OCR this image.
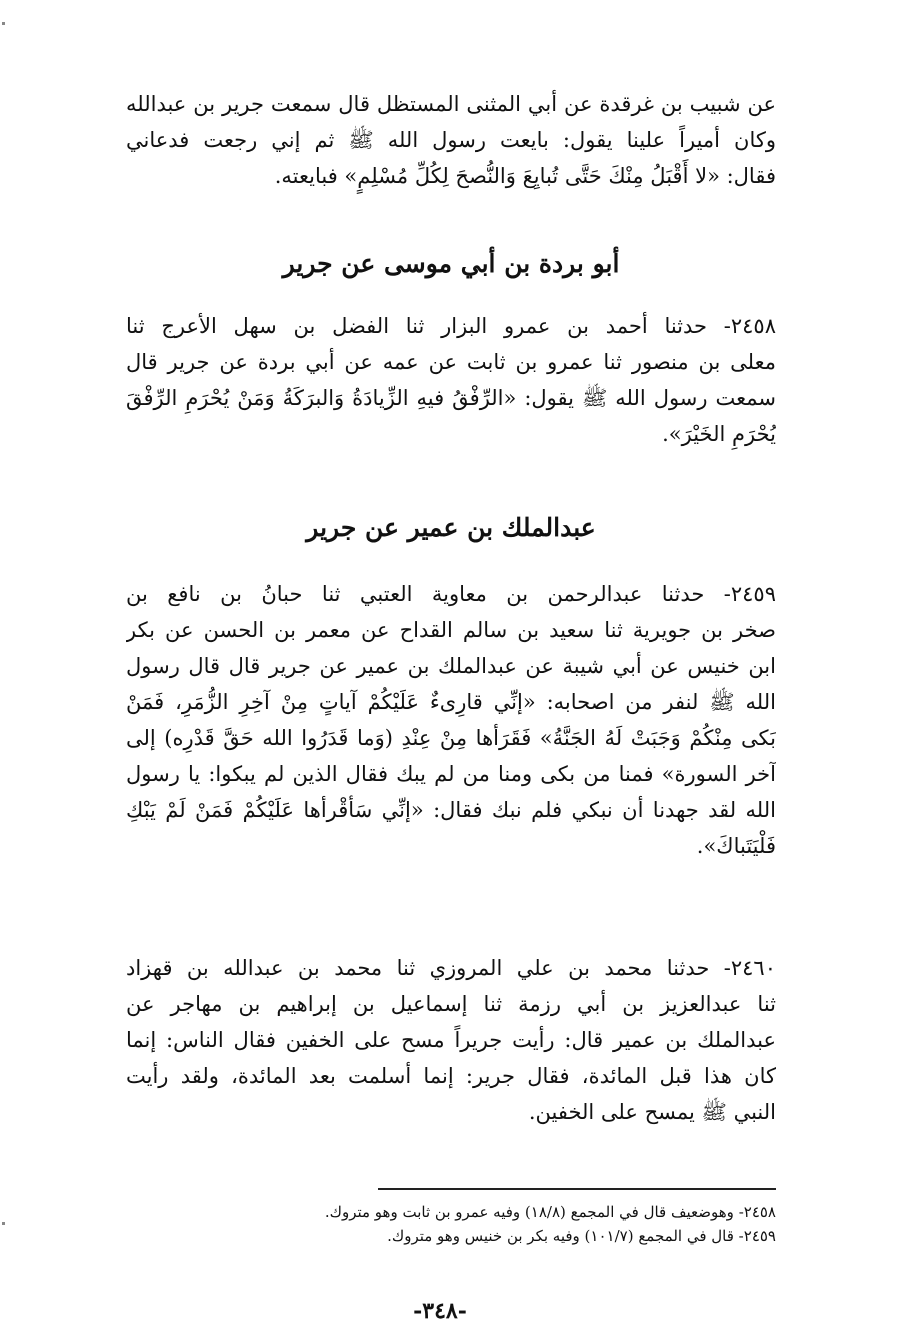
عن شبيب بن غرقدة عن أبي المثنى المستظل قال سمعت جرير بن عبدالله
وكان أميراً علينا يقول: بايعت رسول الله ﷺ ثم إني رجعت فدعاني
فقال: «لا أَقْبَلُ مِنْكَ حَتَّى تُبايِعَ وَالنُّصحَ لِكُلِّ مُسْلِمٍ» فبايعته.
أبو بردة بن أبي موسى عن جرير
٢٤٥٨- حدثنا أحمد بن عمرو البزار ثنا الفضل بن سهل الأعرج ثنا
معلى بن منصور ثنا عمرو بن ثابت عن عمه عن أبي بردة عن جرير قال
سمعت رسول الله ﷺ يقول: «الرِّفْقُ فيهِ الزِّيادَةُ وَالبرَكَةُ وَمَنْ يُحْرَمِ الرِّفْقَ
يُحْرَمِ الخَيْرَ».
عبدالملك بن عمير عن جرير
٢٤٥٩- حدثنا عبدالرحمن بن معاوية العتبي ثنا حبانُ بن نافع بن
صخر بن جويرية ثنا سعيد بن سالم القداح عن معمر بن الحسن عن بكر
ابن خنيس عن أبي شيبة عن عبدالملك بن عمير عن جرير قال قال رسول
الله ﷺ لنفر من اصحابه: «إنِّي قارِىءٌ عَلَيْكُمْ آياتٍ مِنْ آخِرِ الزُّمَرِ، فَمَنْ
بَكى مِنْكُمْ وَجَبَتْ لَهُ الجَنَّةُ» فَقَرَأها مِنْ عِنْدِ (وَما قَدَرُوا الله حَقَّ قَدْرِه) إلى
آخر السورة» فمنا من بكى ومنا من لم يبك فقال الذين لم يبكوا: يا رسول
الله لقد جهدنا أن نبكي فلم نبك فقال: «إنِّي سَأقْرأها عَلَيْكُمْ فَمَنْ لَمْ يَبْكِ
فَلْيَتَباكَ».
٢٤٦٠- حدثنا محمد بن علي المروزي ثنا محمد بن عبدالله بن قهزاد
ثنا عبدالعزيز بن أبي رزمة ثنا إسماعيل بن إبراهيم بن مهاجر عن
عبدالملك بن عمير قال: رأيت جريراً مسح على الخفين فقال الناس: إنما
كان هذا قبل المائدة، فقال جرير: إنما أسلمت بعد المائدة، ولقد رأيت
النبي ﷺ يمسح على الخفين.
٢٤٥٨- وهوضعيف قال في المجمع (١٨/٨) وفيه عمرو بن ثابت وهو متروك.
٢٤٥٩- قال في المجمع (١٠١/٧) وفيه بكر بن خنيس وهو متروك.
-٣٤٨-
